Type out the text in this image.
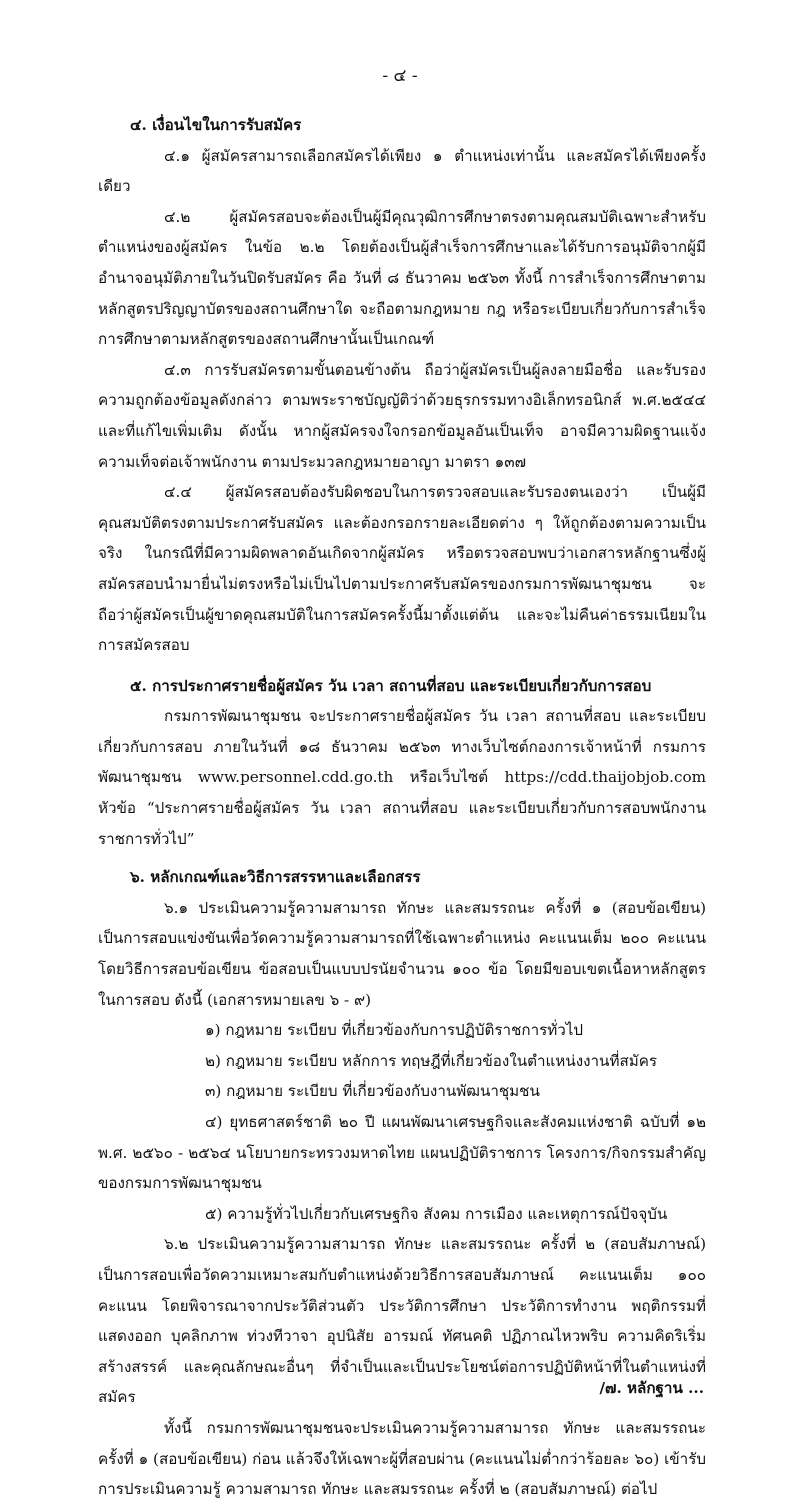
- ๔ -
๔. เงื่อนไขในการรับสมัคร
๔.๑ ผู้สมัครสามารถเลือกสมัครได้เพียง ๑ ตำแหน่งเท่านั้น และสมัครได้เพียงครั้งเดียว
๔.๒ ผู้สมัครสอบจะต้องเป็นผู้มีคุณวุฒิการศึกษาตรงตามคุณสมบัติเฉพาะสำหรับตำแหน่งของผู้สมัคร ในข้อ ๒.๒ โดยต้องเป็นผู้สำเร็จการศึกษาและได้รับการอนุมัติจากผู้มีอำนาจอนุมัติภายในวันปิดรับสมัคร คือ วันที่ ๘ ธันวาคม ๒๕๖๓ ทั้งนี้ การสำเร็จการศึกษาตามหลักสูตรปริญญาบัตรของสถานศึกษาใด จะถือตามกฎหมาย กฎ หรือระเบียบเกี่ยวกับการสำเร็จการศึกษาตามหลักสูตรของสถานศึกษานั้นเป็นเกณฑ์
๔.๓ การรับสมัครตามขั้นตอนข้างต้น ถือว่าผู้สมัครเป็นผู้ลงลายมือชื่อ และรับรองความถูกต้องข้อมูลดังกล่าว ตามพระราชบัญญัติว่าด้วยธุรกรรมทางอิเล็กทรอนิกส์ พ.ศ.๒๕๔๔ และที่แก้ไขเพิ่มเติม ดังนั้น หากผู้สมัครจงใจกรอกข้อมูลอันเป็นเท็จ อาจมีความผิดฐานแจ้งความเท็จต่อเจ้าพนักงาน ตามประมวลกฎหมายอาญา มาตรา ๑๓๗
๔.๔ ผู้สมัครสอบต้องรับผิดชอบในการตรวจสอบและรับรองตนเองว่า เป็นผู้มีคุณสมบัติตรงตามประกาศรับสมัคร และต้องกรอกรายละเอียดต่าง ๆ ให้ถูกต้องตามความเป็นจริง ในกรณีที่มีความผิดพลาดอันเกิดจากผู้สมัคร หรือตรวจสอบพบว่าเอกสารหลักฐานซึ่งผู้สมัครสอบนำมายื่นไม่ตรงหรือไม่เป็นไปตามประกาศรับสมัครของกรมการพัฒนาชุมชน จะถือว่าผู้สมัครเป็นผู้ขาดคุณสมบัติในการสมัครครั้งนี้มาตั้งแต่ต้น และจะไม่คืนค่าธรรมเนียมในการสมัครสอบ
๕. การประกาศรายชื่อผู้สมัคร วัน เวลา สถานที่สอบ และระเบียบเกี่ยวกับการสอบ
กรมการพัฒนาชุมชน จะประกาศรายชื่อผู้สมัคร วัน เวลา สถานที่สอบ และระเบียบเกี่ยวกับการสอบ ภายในวันที่ ๑๘ ธันวาคม ๒๕๖๓ ทางเว็บไซต์กองการเจ้าหน้าที่ กรมการพัฒนาชุมชน www.personnel.cdd.go.th หรือเว็บไซต์ https://cdd.thaijobjob.com หัวข้อ “ประกาศรายชื่อผู้สมัคร วัน เวลา สถานที่สอบ และระเบียบเกี่ยวกับการสอบพนักงานราชการทั่วไป”
๖. หลักเกณฑ์และวิธีการสรรหาและเลือกสรร
๖.๑ ประเมินความรู้ความสามารถ ทักษะ และสมรรถนะ ครั้งที่ ๑ (สอบข้อเขียน) เป็นการสอบแข่งขันเพื่อวัดความรู้ความสามารถที่ใช้เฉพาะตำแหน่ง คะแนนเต็ม ๒๐๐ คะแนน โดยวิธีการสอบข้อเขียน ข้อสอบเป็นแบบปรนัยจำนวน ๑๐๐ ข้อ โดยมีขอบเขตเนื้อหาหลักสูตรในการสอบ ดังนี้ (เอกสารหมายเลข ๖ - ๙)
๑) กฎหมาย ระเบียบ ที่เกี่ยวข้องกับการปฏิบัติราชการทั่วไป
๒) กฎหมาย ระเบียบ หลักการ ทฤษฎีที่เกี่ยวข้องในตำแหน่งงานที่สมัคร
๓) กฎหมาย ระเบียบ ที่เกี่ยวข้องกับงานพัฒนาชุมชน
๔) ยุทธศาสตร์ชาติ ๒๐ ปี แผนพัฒนาเศรษฐกิจและสังคมแห่งชาติ ฉบับที่ ๑๒ พ.ศ. ๒๕๖๐ - ๒๕๖๔ นโยบายกระทรวงมหาดไทย แผนปฏิบัติราชการ โครงการ/กิจกรรมสำคัญของกรมการพัฒนาชุมชน
๕) ความรู้ทั่วไปเกี่ยวกับเศรษฐกิจ สังคม การเมือง และเหตุการณ์ปัจจุบัน
๖.๒ ประเมินความรู้ความสามารถ ทักษะ และสมรรถนะ ครั้งที่ ๒ (สอบสัมภาษณ์) เป็นการสอบเพื่อวัดความเหมาะสมกับตำแหน่งด้วยวิธีการสอบสัมภาษณ์ คะแนนเต็ม ๑๐๐ คะแนน โดยพิจารณาจากประวัติส่วนตัว ประวัติการศึกษา ประวัติการทำงาน พฤติกรรมที่แสดงออก บุคลิกภาพ ท่วงทีวาจา อุปนิสัย อารมณ์ ทัศนคติ ปฏิภาณไหวพริบ ความคิดริเริ่มสร้างสรรค์ และคุณลักษณะอื่นๆ ที่จำเป็นและเป็นประโยชน์ต่อการปฏิบัติหน้าที่ในตำแหน่งที่สมัคร
ทั้งนี้ กรมการพัฒนาชุมชนจะประเมินความรู้ความสามารถ ทักษะ และสมรรถนะ ครั้งที่ ๑ (สอบข้อเขียน) ก่อน แล้วจึงให้เฉพาะผู้ที่สอบผ่าน (คะแนนไม่ต่ำกว่าร้อยละ ๖๐) เข้ารับการประเมินความรู้ ความสามารถ ทักษะ และสมรรถนะ ครั้งที่ ๒ (สอบสัมภาษณ์) ต่อไป
/๗. หลักฐาน ...
